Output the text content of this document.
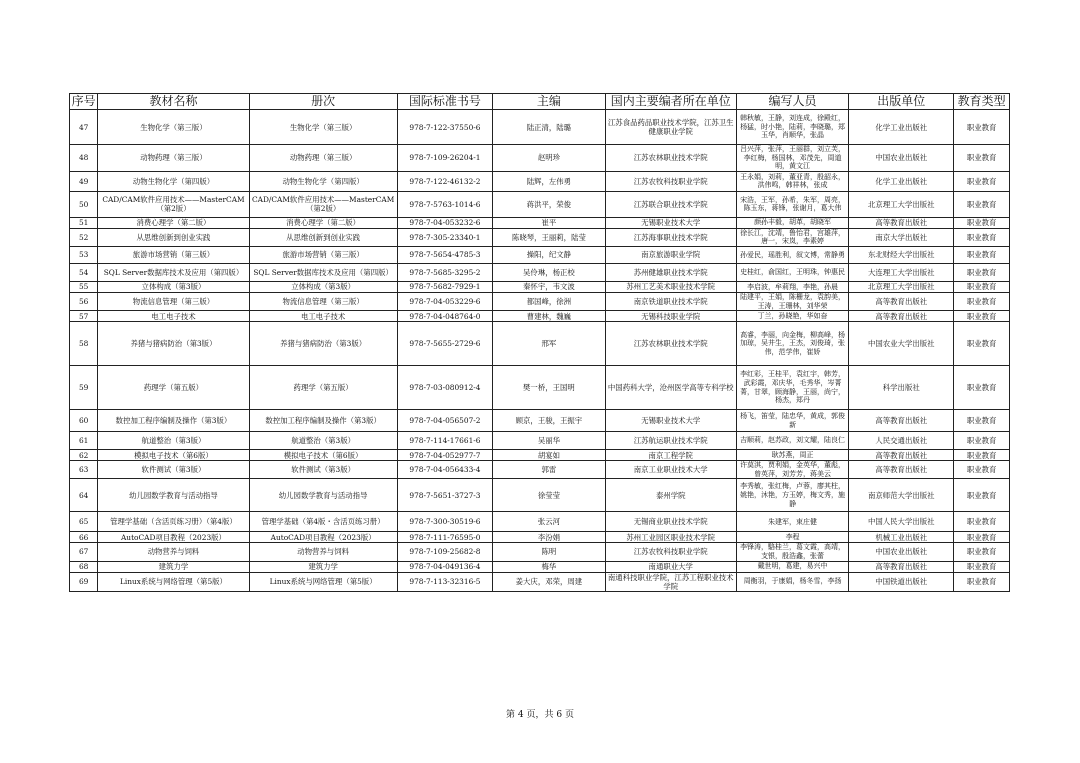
序号	教材名称	册次	国际标准书号	主编	国内主要编者所在单位	编写人员	出版单位	教育类型
47	生物化学（第三版）	生物化学（第三版）	978-7-122-37550-6	陆正清，陆璐	江苏食品药品职业技术学院，江苏卫生健康职业学院	韩秋敏，王静，刘连成，徐殿红，杨猛，时小艳，陆莉，李晓璐，郑玉华，肖顺华，张晶	化学工业出版社	职业教育
48	动物药理（第三版）	动物药理（第三版）	978-7-109-26204-1	赵明珍	江苏农林职业技术学院	吕兴萍，张萍，王丽群，刘立芙，李红梅，杨国林，邓茂先，周道明，黄文江	中国农业出版社	职业教育
49	动物生物化学（第四版）	动物生物化学（第四版）	978-7-122-46132-2	陆辉，左伟勇	江苏农牧科技职业学院	王永娟，刘莉，董亚青，殷韶永，洪伟鸣，韩祥林，张成	化学工业出版社	职业教育
50	CAD/CAM软件应用技术——MasterCAM（第2版）	CAD/CAM软件应用技术——MasterCAM（第2版）	978-7-5763-1014-6	蒋洪平，荣俊	江苏联合职业技术学院	宋浩，王军，孙希，朱军，周亮，陈玉东，蒋锋，张谢月，葛大伟	北京理工大学出版社	职业教育
51	消费心理学（第二版）	消费心理学（第二版）	978-7-04-053232-6	崔平	无锡职业技术大学	颜孙丰毅，胡革，胡晓军	高等教育出版社	职业教育
52	从思维创新到创业实践	从思维创新到创业实践	978-7-305-23340-1	陈晓琴，王丽莉，陆莹	江苏海事职业技术学院	徐长江，沈靖，鲁怡君，宫雄萍，唐一，宋岚，李素婷	南京大学出版社	职业教育
53	旅游市场营销（第三版）	旅游市场营销（第三版）	978-7-5654-4785-3	操阳，纪文静	南京旅游职业学院	孙爱民，瑶胜利，叙文博，常静勇	东北财经大学出版社	职业教育
54	SQL Server数据库技术及应用（第四版）	SQL Server数据库技术及应用（第四版）	978-7-5685-3295-2	吴伶琳，杨正校	苏州健雄职业技术学院	史桂红，俞国红，王明珠，钟惠民	大连理工大学出版社	职业教育
55	立体构成（第3版）	立体构成（第3版）	978-7-5682-7929-1	秦怀宇，韦文波	苏州工艺美术职业技术学院	李启波，牟莉翔，李艳，孙晨	北京理工大学出版社	职业教育
56	物流信息管理（第三版）	物流信息管理（第三版）	978-7-04-053229-6	都国峰，徐洲	南京铁道职业技术学院	陆建平，王娟，陈栅龙，袁韵美，王涛，王珊林，刘华荣	高等教育出版社	职业教育
57	电工电子技术	电工电子技术	978-7-04-048764-0	曹建林，魏巍	无锡科技职业学院	丁兰，孙晓艳，华如奋	高等教育出版社	职业教育
58	养猪与猪病防治（第3版）	养猪与猪病防治（第3版）	978-7-5655-2729-6	邢军	江苏农林职业技术学院	高睿，李丽，向金梅，柳高峰，杨加琼，吴井生，王杰，刘俊琦，张伟，范学伟，崔娇	中国农业大学出版社	职业教育
59	药理学（第五版）	药理学（第五版）	978-7-03-080912-4	樊一桥，王国明	中国药科大学，沧州医学高等专科学校	李红彩，王桂平，袁红宇，韩芳，武彩霞，邓庆华，毛秀华，岑菁菁，甘翠，顾海静，王丽，尚宁，杨杰，郑丹	科学出版社	职业教育
60	数控加工程序编制及操作（第3版）	数控加工程序编制及操作（第3版）	978-7-04-056507-2	顾京，王骏，王振宇	无锡职业技术大学	杨飞，笛莹，陆忠华，黄成，郭俊新	高等教育出版社	职业教育
61	航道整治（第3版）	航道整治（第3版）	978-7-114-17661-6	吴丽华	江苏航运职业技术学院	吉顺莉，赵苏政，刘文耀，陆良仁	人民交通出版社	职业教育
62	模拟电子技术（第6版）	模拟电子技术（第6版）	978-7-04-052977-7	胡宴如	南京工程学院	耿苏燕，周正	高等教育出版社	职业教育
63	软件测试（第3版）	软件测试（第3版）	978-7-04-056433-4	郭雷	南京工业职业技术大学	许莫淇，贾利娟，金英华，董彪，曾英萍，刘芳芳，蒋美云	高等教育出版社	职业教育
64	幼儿园数学教育与活动指导	幼儿园数学教育与活动指导	978-7-5651-3727-3	徐莹莹	泰州学院	李秀敏，张红梅，卢蓉，廖其柱，姚艳，沐艳，方玉婷，梅文秀，施静	南京师范大学出版社	职业教育
65	管理学基础（含活页练习册）（第4版）	管理学基础（第4版・含活页练习册）	978-7-300-30519-6	张云河	无锡商业职业技术学院	朱建军，束庄健	中国人民大学出版社	职业教育
66	AutoCAD项目教程（2023版）	AutoCAD项目教程（2023版）	978-7-111-76595-0	李汾娟	苏州工业园区职业技术学院	李程	机械工业出版社	职业教育
67	动物营养与饲料	动物营养与饲料	978-7-109-25682-8	陈明	江苏农牧科技职业学院	李锋涛，駱桂兰，葛文霞，高靖，支银，殷浩鑫，张蕾	中国农业出版社	职业教育
68	建筑力学	建筑力学	978-7-04-049136-4	梅华	南通职业大学	戴世明，葛建，易兴中	高等教育出版社	职业教育
69	Linux系统与网络管理（第5版）	Linux系统与网络管理（第5版）	978-7-113-32316-5	姜大庆，邓荣，周建	南通科技职业学院，江苏工程职业技术学院	周衡羽，于康娟，杨冬雪，李扬	中国铁道出版社	职业教育
第 4 页，共 6 页
